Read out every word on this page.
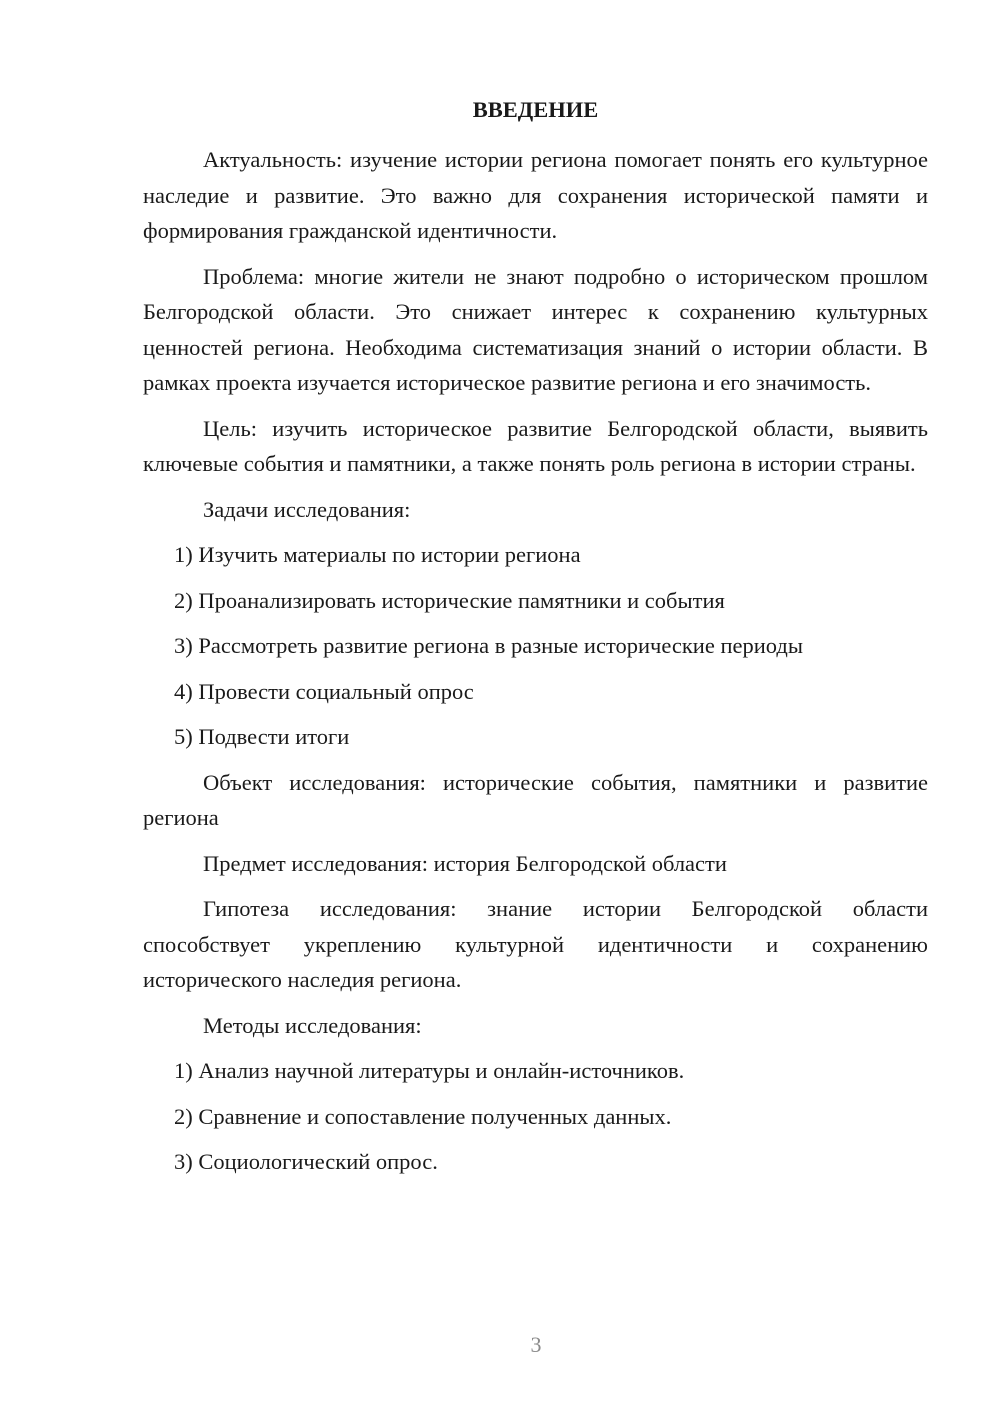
ВВЕДЕНИЕ

Актуальность: изучение истории региона помогает понять его культурное наследие и развитие. Это важно для сохранения исторической памяти и формирования гражданской идентичности.

Проблема: многие жители не знают подробно о историческом прошлом Белгородской области. Это снижает интерес к сохранению культурных ценностей региона. Необходима систематизация знаний о истории области. В рамках проекта изучается историческое развитие региона и его значимость.

Цель: изучить историческое развитие Белгородской области, выявить ключевые события и памятники, а также понять роль региона в истории страны.

Задачи исследования:

1) Изучить материалы по истории региона

2) Проанализировать исторические памятники и события

3) Рассмотреть развитие региона в разные исторические периоды

4) Провести социальный опрос

5) Подвести итоги

Объект исследования: исторические события, памятники и развитие региона

Предмет исследования: история Белгородской области

Гипотеза исследования: знание истории Белгородской области способствует укреплению культурной идентичности и сохранению исторического наследия региона.

Методы исследования:

1) Анализ научной литературы и онлайн-источников.

2) Сравнение и сопоставление полученных данных.

3) Социологический опрос.

3
